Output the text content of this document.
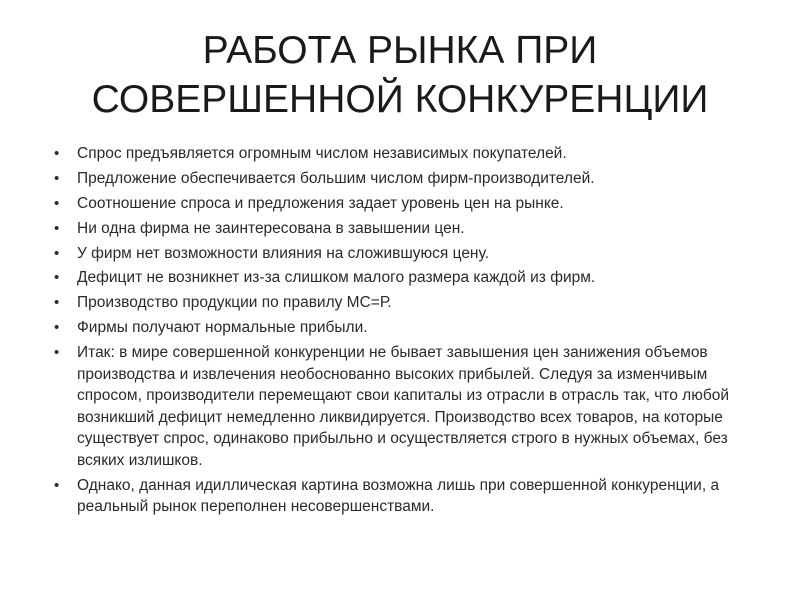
РАБОТА РЫНКА ПРИ
СОВЕРШЕННОЙ КОНКУРЕНЦИИ
• Спрос предъявляется огромным числом независимых покупателей.
• Предложение обеспечивается большим числом фирм-производителей.
• Соотношение спроса и предложения задает уровень цен на рынке.
• Ни одна фирма не заинтересована в завышении цен.
• У фирм нет возможности влияния на сложившуюся цену.
• Дефицит не возникнет из-за слишком малого размера каждой из фирм.
• Производство продукции по правилу МС=Р.
• Фирмы получают нормальные прибыли.
• Итак: в мире совершенной конкуренции не бывает завышения цен занижения объемов производства и извлечения необоснованно высоких прибылей. Следуя за изменчивым спросом, производители перемещают свои капиталы из отрасли в отрасль так, что любой возникший дефицит немедленно ликвидируется. Производство всех товаров, на которые существует спрос, одинаково прибыльно и осуществляется строго в нужных объемах, без всяких излишков.
• Однако, данная идиллическая картина возможна лишь при совершенной конкуренции, а реальный рынок переполнен несовершенствами.
